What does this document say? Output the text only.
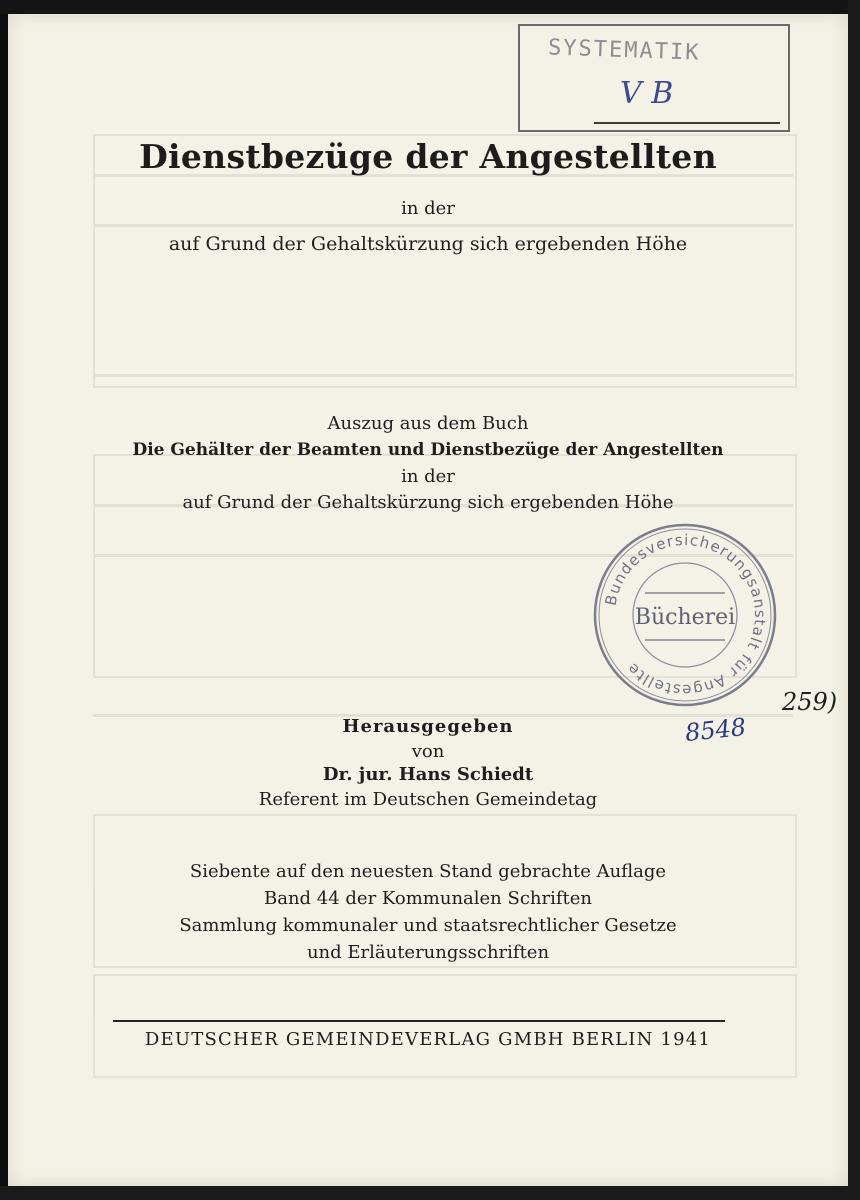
SYSTEMATIK
V B
Dienstbezüge der Angestellten
in der
auf Grund der Gehaltskürzung sich ergebenden Höhe
Auszug aus dem Buch
Die Gehälter der Beamten und Dienstbezüge der Angestellten
in der
auf Grund der Gehaltskürzung sich ergebenden Höhe
Bundesversicherungsanstalt für Angestellte
Bücherei
8548
259)
Herausgegeben
von
Dr. jur. Hans Schiedt
Referent im Deutschen Gemeindetag
Siebente auf den neuesten Stand gebrachte Auflage
Band 44 der Kommunalen Schriften
Sammlung kommunaler und staatsrechtlicher Gesetze
und Erläuterungsschriften
DEUTSCHER GEMEINDEVERLAG GMBH BERLIN 1941
